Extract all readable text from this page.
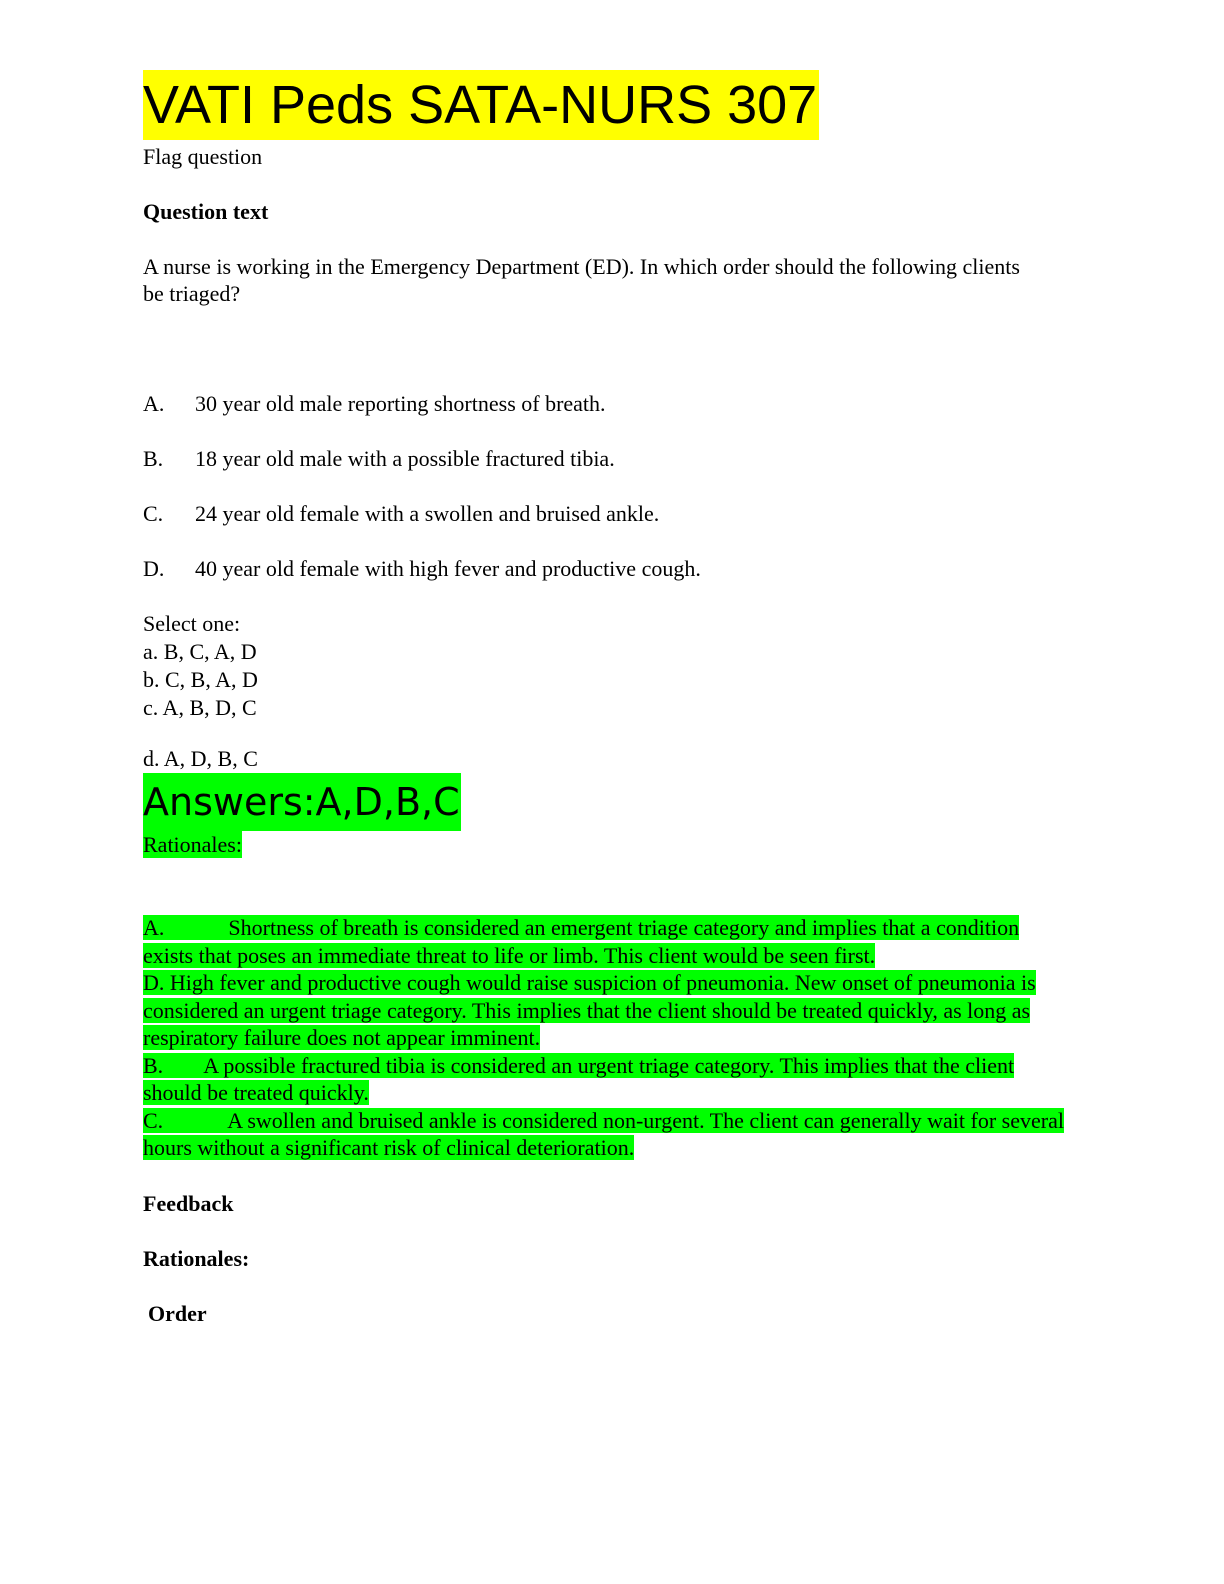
VATI Peds SATA-NURS 307

Flag question

Question text

A nurse is working in the Emergency Department (ED). In which order should the following clients be triaged?

A. 30 year old male reporting shortness of breath.
B. 18 year old male with a possible fractured tibia.
C. 24 year old female with a swollen and bruised ankle.
D. 40 year old female with high fever and productive cough.

Select one:

a. B, C, A, D

b. C, B, A, D

c. A, B, D, C

d. A, D, B, C

Answers:A,D,B,C
Rationales:

A.	Shortness of breath is considered an emergent triage category and implies that a condition exists that poses an immediate threat to life or limb. This client would be seen first.

D. High fever and productive cough would raise suspicion of pneumonia. New onset of pneumonia is considered an urgent triage category. This implies that the client should be treated quickly, as long as respiratory failure does not appear imminent.

B. A possible fractured tibia is considered an urgent triage category. This implies that the client should be treated quickly.

C.	A swollen and bruised ankle is considered non-urgent. The client can generally wait for several hours without a significant risk of clinical deterioration.

Feedback

Rationales:

Order
